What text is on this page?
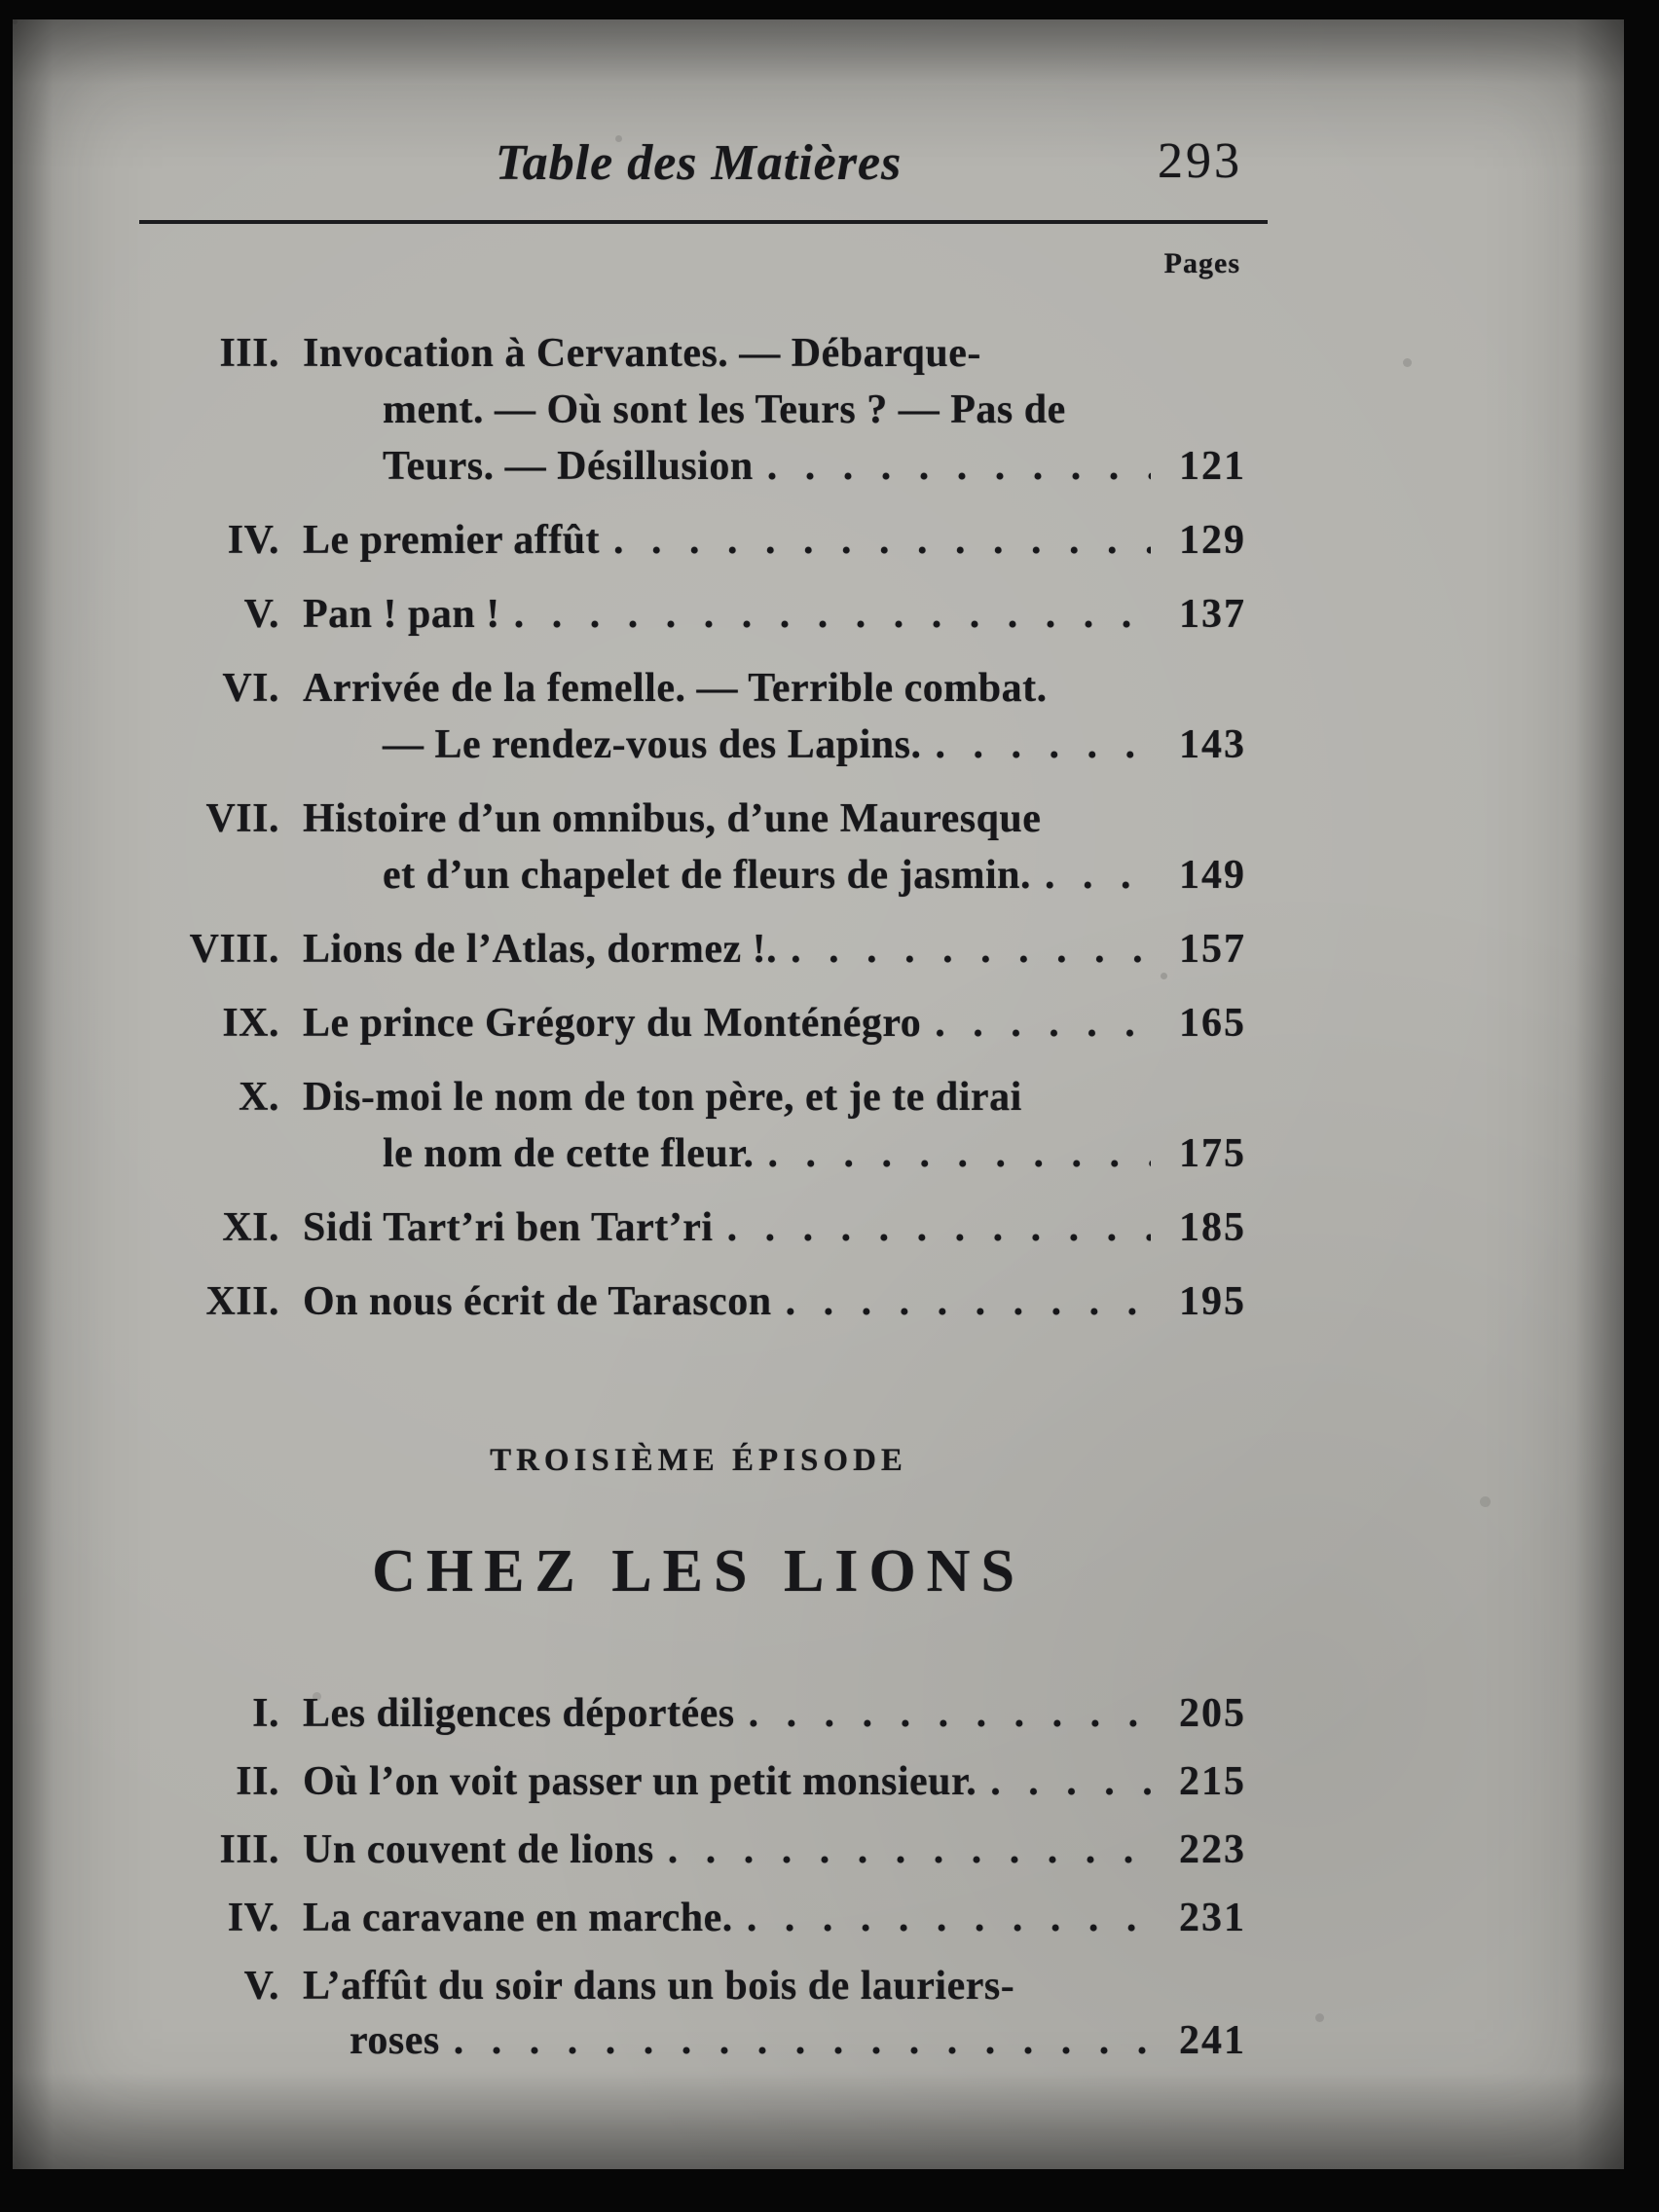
Table des Matières	293
Pages
III. Invocation à Cervantes. — Débarque-
ment. — Où sont les Teurs ? — Pas de
Teurs. — Désillusion . . .	121
IV. Le premier affût . . .	129
V. Pan ! pan ! . . .	137
VI. Arrivée de la femelle. — Terrible combat.
— Le rendez-vous des Lapins. . . .	143
VII. Histoire d’un omnibus, d’une Mauresque
et d’un chapelet de fleurs de jasmin. . . .	149
VIII. Lions de l’Atlas, dormez !. . . .	157
IX. Le prince Grégory du Monténégro . . .	165
X. Dis-moi le nom de ton père, et je te dirai
le nom de cette fleur. . . .	175
XI. Sidi Tart’ri ben Tart’ri . . .	185
XII. On nous écrit de Tarascon . . .	195
TROISIÈME ÉPISODE
CHEZ LES LIONS
I. Les diligences déportées . . .	205
II. Où l’on voit passer un petit monsieur. . . .	215
III. Un couvent de lions . . .	223
IV. La caravane en marche. . . .	231
V. L’affût du soir dans un bois de lauriers-
roses . . .	241
